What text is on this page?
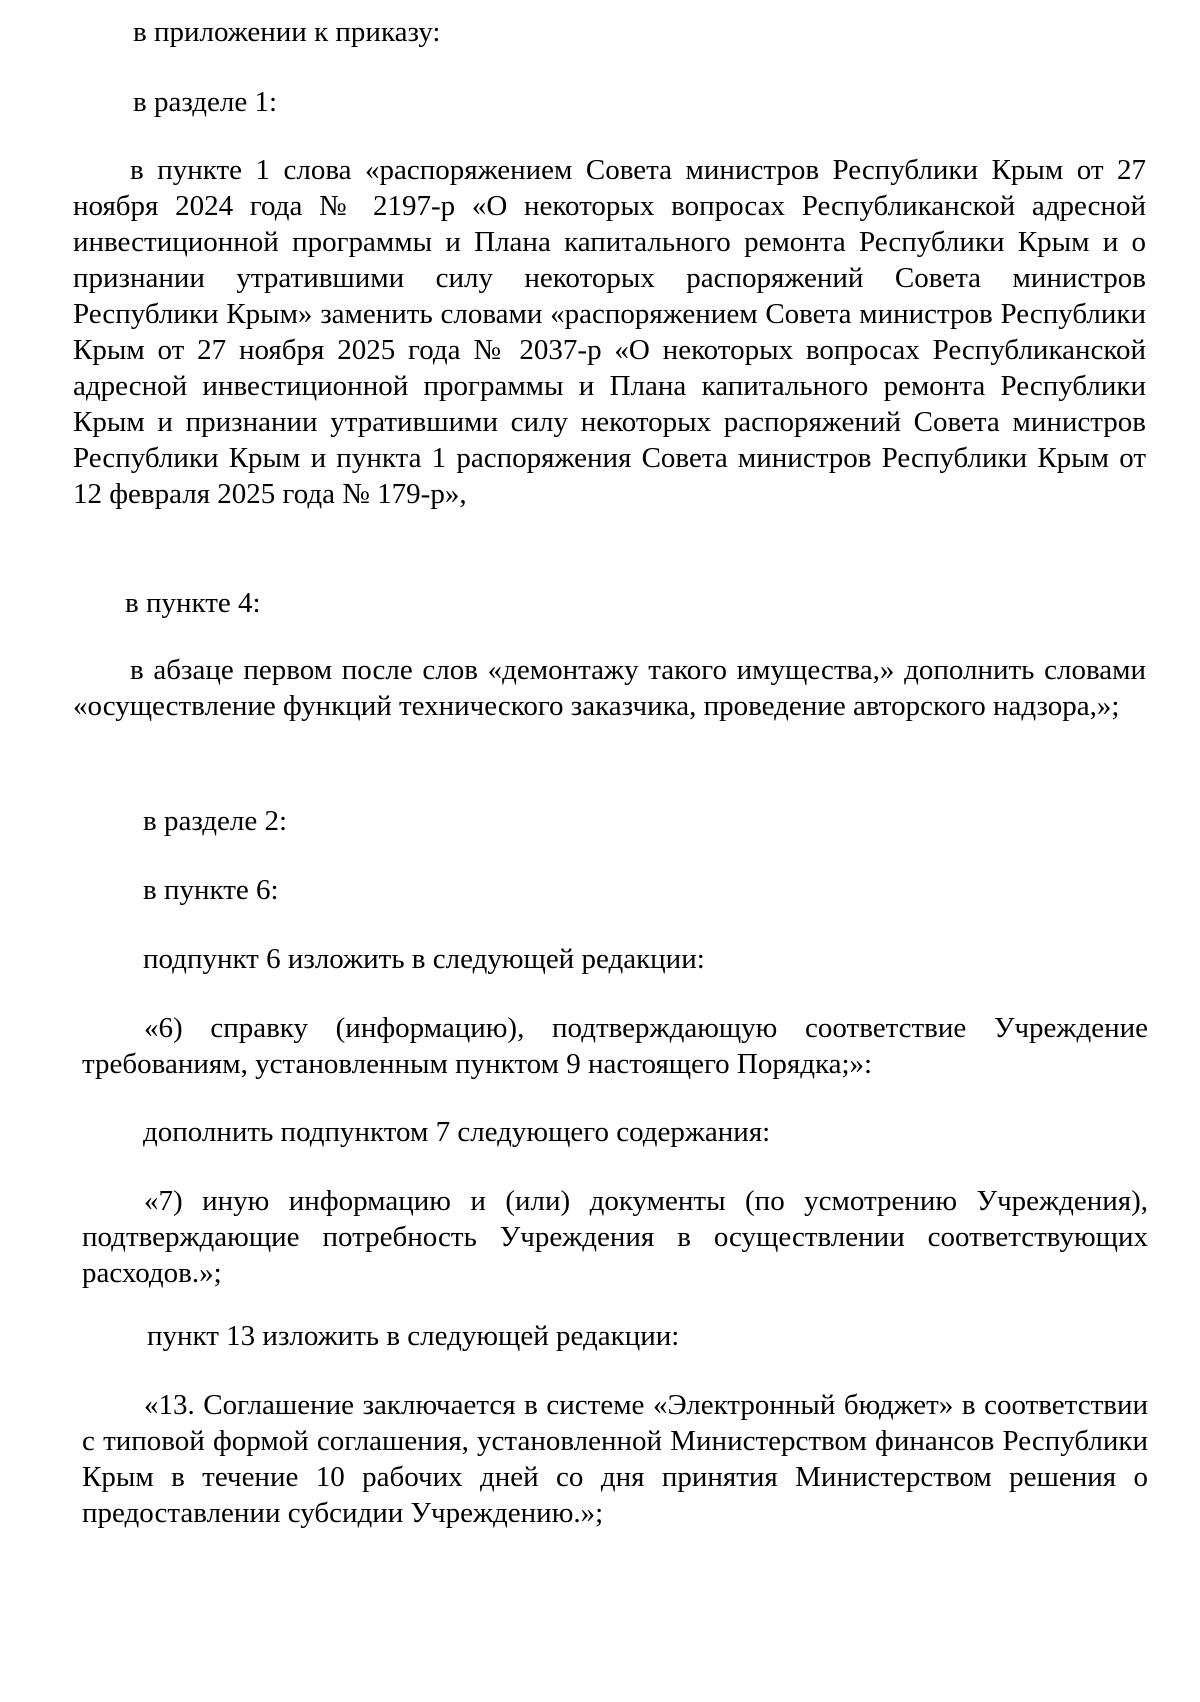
в приложении к приказу:

в разделе 1:

в пункте 1 слова «распоряжением Совета министров Республики Крым от 27 ноября 2024 года № 2197-р «О некоторых вопросах Республиканской адресной инвестиционной программы и Плана капитального ремонта Республики Крым и о признании утратившими силу некоторых распоряжений Совета министров Республики Крым» заменить словами «распоряжением Совета министров Республики Крым от 27 ноября 2025 года № 2037-р «О некоторых вопросах Республиканской адресной инвестиционной программы и Плана капитального ремонта Республики Крым и признании утратившими силу некоторых распоряжений Совета министров Республики Крым и пункта 1 распоряжения Совета министров Республики Крым от 12 февраля 2025 года № 179-р»,

в пункте 4:

в абзаце первом после слов «демонтажу такого имущества,» дополнить словами «осуществление функций технического заказчика, проведение авторского надзора,»;

в разделе 2:

в пункте 6:

подпункт 6 изложить в следующей редакции:

«6) справку (информацию), подтверждающую соответствие Учреждение требованиям, установленным пунктом 9 настоящего Порядка;»:

дополнить подпунктом 7 следующего содержания:

«7) иную информацию и (или) документы (по усмотрению Учреждения), подтверждающие потребность Учреждения в осуществлении соответствующих расходов.»;

пункт 13 изложить в следующей редакции:

«13. Соглашение заключается в системе «Электронный бюджет» в соответствии с типовой формой соглашения, установленной Министерством финансов Республики Крым в течение 10 рабочих дней со дня принятия Министерством решения о предоставлении субсидии Учреждению.»;
